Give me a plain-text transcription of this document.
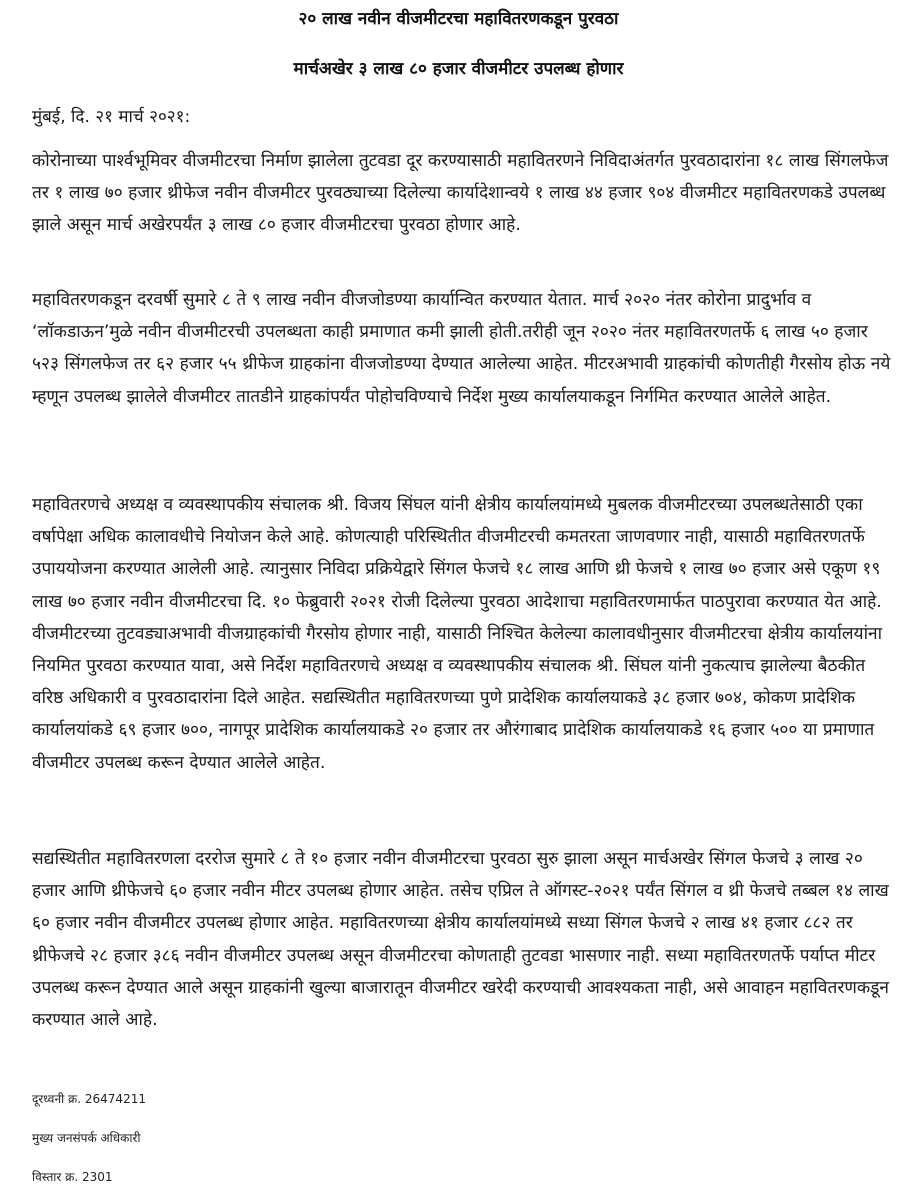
२० लाख नवीन वीजमीटरचा महावितरणकडून पुरवठा
मार्चअखेर ३ लाख ८० हजार वीजमीटर उपलब्ध होणार
मुंबई, दि. २१ मार्च २०२१:

कोरोनाच्या पार्श्वभूमिवर वीजमीटरचा निर्माण झालेला तुटवडा दूर करण्यासाठी महावितरणने निविदाअंतर्गत पुरवठादारांना १८ लाख सिंगलफेज तर १ लाख ७० हजार थ्रीफेज नवीन वीजमीटर पुरवठ्याच्या दिलेल्या कार्यादेशान्वये १ लाख ४४ हजार ९०४ वीजमीटर महावितरणकडे उपलब्ध झाले असून मार्च अखेरपर्यंत ३ लाख ८० हजार वीजमीटरचा पुरवठा होणार आहे.

महावितरणकडून दरवर्षी सुमारे ८ ते ९ लाख नवीन वीजजोडण्या कार्यान्वित करण्यात येतात. मार्च २०२० नंतर कोरोना प्रादुर्भाव व ‘लॉकडाऊन’मुळे नवीन वीजमीटरची उपलब्धता काही प्रमाणात कमी झाली होती.तरीही जून २०२० नंतर महावितरणतर्फे ६ लाख ५० हजार ५२३ सिंगलफेज तर ६२ हजार ५५ थ्रीफेज ग्राहकांना वीजजोडण्या देण्यात आलेल्या आहेत. मीटरअभावी ग्राहकांची कोणतीही गैरसोय होऊ नये म्हणून उपलब्ध झालेले वीजमीटर तातडीने ग्राहकांपर्यंत पोहोचविण्याचे निर्देश मुख्य कार्यालयाकडून निर्गमित करण्यात आलेले आहेत.

महावितरणचे अध्यक्ष व व्यवस्थापकीय संचालक श्री. विजय सिंघल यांनी क्षेत्रीय कार्यालयांमध्ये मुबलक वीजमीटरच्या उपलब्धतेसाठी एका वर्षापेक्षा अधिक कालावधीचे नियोजन केले आहे. कोणत्याही परिस्थितीत वीजमीटरची कमतरता जाणवणार नाही, यासाठी महावितरणतर्फे उपाययोजना करण्यात आलेली आहे. त्यानुसार निविदा प्रक्रियेद्वारे सिंगल फेजचे १८ लाख आणि थ्री फेजचे १ लाख ७० हजार असे एकूण १९ लाख ७० हजार नवीन वीजमीटरचा दि. १० फेब्रुवारी २०२१ रोजी दिलेल्या पुरवठा आदेशाचा महावितरणमार्फत पाठपुरावा करण्यात येत आहे. वीजमीटरच्या तुटवड्याअभावी वीजग्राहकांची गैरसोय होणार नाही, यासाठी निश्चित केलेल्या कालावधीनुसार वीजमीटरचा क्षेत्रीय कार्यालयांना नियमित पुरवठा करण्यात यावा, असे निर्देश महावितरणचे अध्यक्ष व व्यवस्थापकीय संचालक श्री. सिंघल यांनी नुकत्याच झालेल्या बैठकीत वरिष्ठ अधिकारी व पुरवठादारांना दिले आहेत. सद्यस्थितीत महावितरणच्या पुणे प्रादेशिक कार्यालयाकडे ३८ हजार ७०४, कोकण प्रादेशिक कार्यालयांकडे ६९ हजार ७००, नागपूर प्रादेशिक कार्यालयाकडे २० हजार तर औरंगाबाद प्रादेशिक कार्यालयाकडे १६ हजार ५०० या प्रमाणात वीजमीटर उपलब्ध करून देण्यात आलेले आहेत.

सद्यस्थितीत महावितरणला दररोज सुमारे ८ ते १० हजार नवीन वीजमीटरचा पुरवठा सुरु झाला असून मार्चअखेर सिंगल फेजचे ३ लाख २० हजार आणि थ्रीफेजचे ६० हजार नवीन मीटर उपलब्ध होणार आहेत. तसेच एप्रिल ते ऑगस्ट-२०२१ पर्यंत सिंगल व थ्री फेजचे तब्बल १४ लाख ६० हजार नवीन वीजमीटर उपलब्ध होणार आहेत. महावितरणच्या क्षेत्रीय कार्यालयांमध्ये सध्या सिंगल फेजचे २ लाख ४१ हजार ८८२ तर थ्रीफेजचे २८ हजार ३८६ नवीन वीजमीटर उपलब्ध असून वीजमीटरचा कोणताही तुटवडा भासणार नाही. सध्या महावितरणतर्फे पर्याप्त मीटर उपलब्ध करून देण्यात आले असून ग्राहकांनी खुल्या बाजारातून वीजमीटर खरेदी करण्याची आवश्यकता नाही, असे आवाहन महावितरणकडून करण्यात आले आहे.

दूरध्वनी क्र. 26474211
मुख्य जनसंपर्क अधिकारी
विस्तार क्र. 2301
